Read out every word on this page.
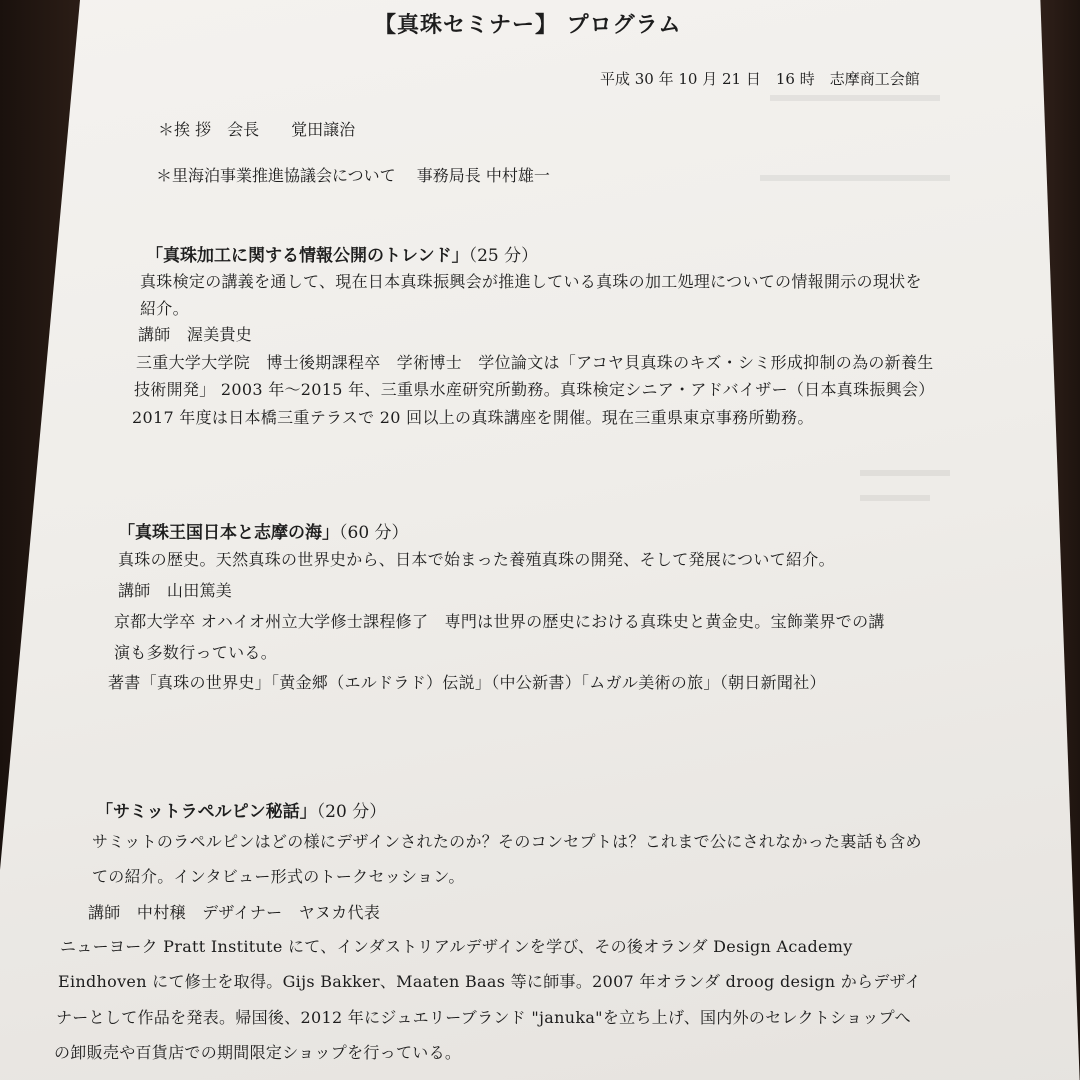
【真珠セミナー】 プログラム
平成 30 年 10 月 21 日　16 時　志摩商工会館
＊挨 拶　会長　　覚田譲治
＊里海泊事業推進協議会について　 事務局長 中村雄一
「真珠加工に関する情報公開のトレンド」（25 分）
真珠検定の講義を通して、現在日本真珠振興会が推進している真珠の加工処理についての情報開示の現状を
紹介。
講師　渥美貴史
三重大学大学院　博士後期課程卒　学術博士　学位論文は「アコヤ貝真珠のキズ・シミ形成抑制の為の新養生
技術開発」 2003 年～2015 年、三重県水産研究所勤務。真珠検定シニア・アドバイザー（日本真珠振興会）
2017 年度は日本橋三重テラスで 20 回以上の真珠講座を開催。現在三重県東京事務所勤務。
「真珠王国日本と志摩の海」（60 分）
真珠の歴史。天然真珠の世界史から、日本で始まった養殖真珠の開発、そして発展について紹介。
講師　山田篤美
京都大学卒 オハイオ州立大学修士課程修了　専門は世界の歴史における真珠史と黄金史。宝飾業界での講
演も多数行っている。
著書「真珠の世界史」「黄金郷（エルドラド）伝説」（中公新書）「ムガル美術の旅」（朝日新聞社）
「サミットラペルピン秘話」（20 分）
サミットのラペルピンはどの様にデザインされたのか？そのコンセプトは？これまで公にされなかった裏話も含め
ての紹介。インタビュー形式のトークセッション。
講師　中村穣　デザイナー　ヤヌカ代表
ニューヨーク Pratt Institute にて、インダストリアルデザインを学び、その後オランダ Design Academy
Eindhoven にて修士を取得。Gijs Bakker、Maaten Baas 等に師事。2007 年オランダ droog design からデザイ
ナーとして作品を発表。帰国後、2012 年にジュエリーブランド "januka"を立ち上げ、国内外のセレクトショップへ
の卸販売や百貨店での期間限定ショップを行っている。
